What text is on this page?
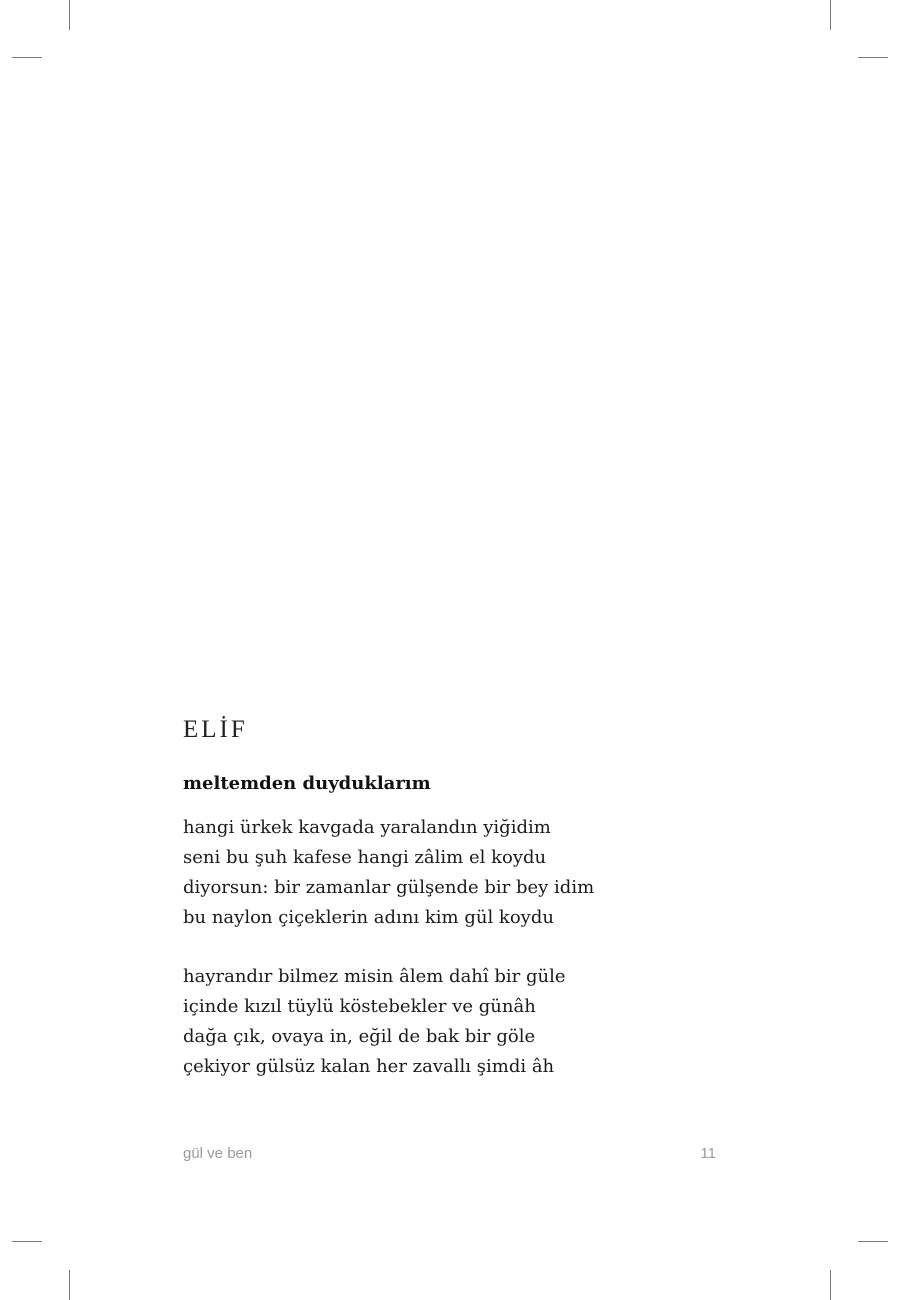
ELİF
meltemden duyduklarım
hangi ürkek kavgada yaralandın yiğidim
seni bu şuh kafese hangi zâlim el koydu
diyorsun: bir zamanlar gülşende bir bey idim
bu naylon çiçeklerin adını kim gül koydu
hayrandır bilmez misin âlem dahî bir güle
içinde kızıl tüylü köstebekler ve günâh
dağa çık, ovaya in, eğil de bak bir göle
çekiyor gülsüz kalan her zavallı şimdi âh
gül ve ben	11
